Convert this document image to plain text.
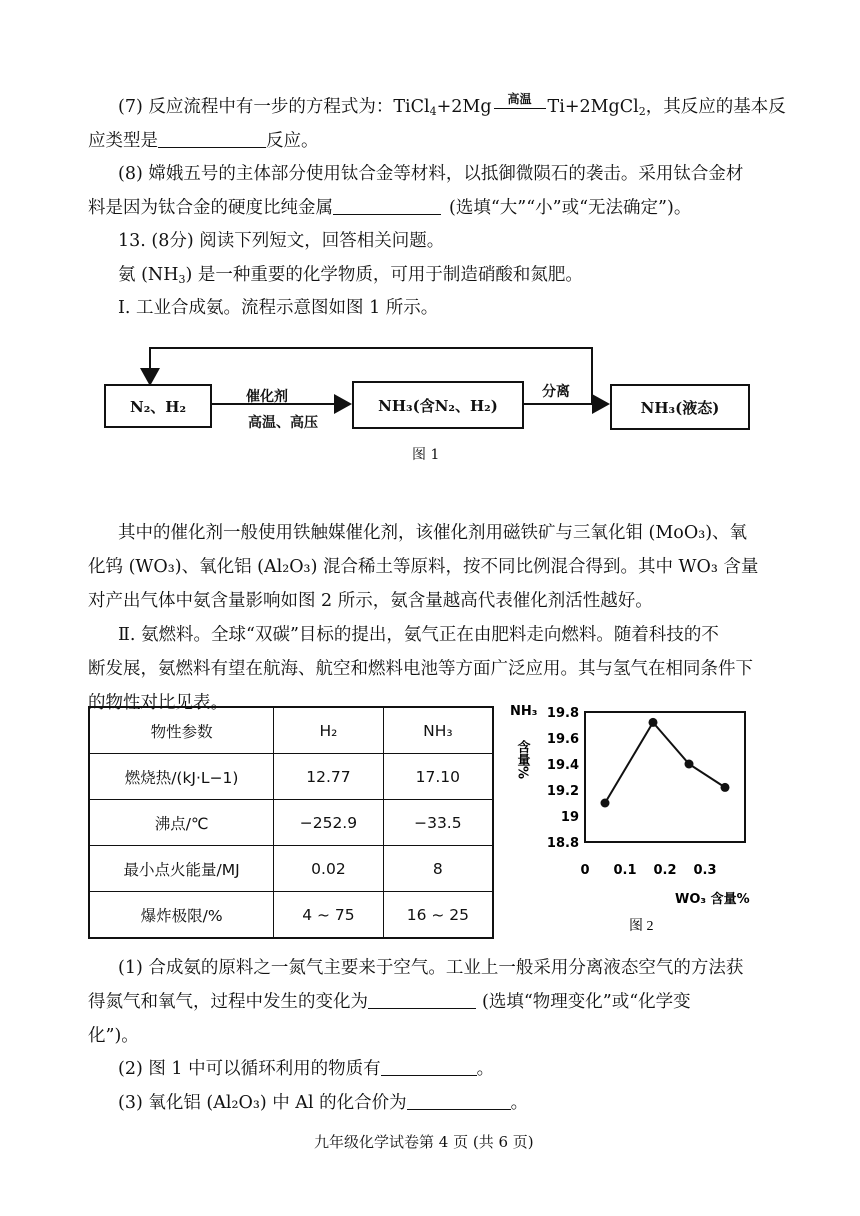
(7) 反应流程中有一步的方程式为：TiCl$_4$+2Mg	高温 Ti+2MgCl$_2$，其反应的基本反
应类型是	反应。
(8) 嫦娥五号的主体部分使用钛合金等材料，以抵御微陨石的袭击。采用钛合金材
料是因为钛合金的硬度比纯金属	(选填“大”“小”或“无法确定”)。
13. (8分) 阅读下列短文，回答相关问题。
氨 $(NH_3)$ 是一种重要的化学物质，可用于制造硝酸和氮肥。
Ⅰ. 工业合成氨。流程示意图如图 1 所示。
N₂、H₂
催化剂
高温、高压
NH₃(含N₂、H₂)
分离
NH₃(液态)
图 1
其中的催化剂一般使用铁触媒催化剂，该催化剂用磁铁矿与三氧化钼 (MoO₃)、氧
化钨 (WO₃)、氧化铝 (Al₂O₃) 混合稀土等原料，按不同比例混合得到。其中 WO₃ 含量
对产出气体中氨含量影响如图 2 所示，氨含量越高代表催化剂活性越好。
Ⅱ. 氨燃料。全球“双碳”目标的提出，氨气正在由肥料走向燃料。随着科技的不
断发展，氨燃料有望在航海、航空和燃料电池等方面广泛应用。其与氢气在相同条件下
的物性对比见表。
物性参数	H₂	NH₃
燃烧热/(kJ·L−1)	12.77	17.10
沸点/℃	−252.9	−33.5
最小点火能量/MJ	0.02	8
爆炸极限/%	4 ~ 75	16 ~ 25
NH₃
含量%
WO₃ 含量%
图 2
18.8
19
19.2
19.4
19.6
19.8
0 0.1 0.2 0.3
(1) 合成氨的原料之一氮气主要来于空气。工业上一般采用分离液态空气的方法获
得氮气和氧气，过程中发生的变化为	(选填“物理变化”或“化学变
化”)。
(2) 图 1 中可以循环利用的物质有	。
(3) 氧化铝 (Al₂O₃) 中 Al 的化合价为	。
九年级化学试卷第 4 页 (共 6 页)
